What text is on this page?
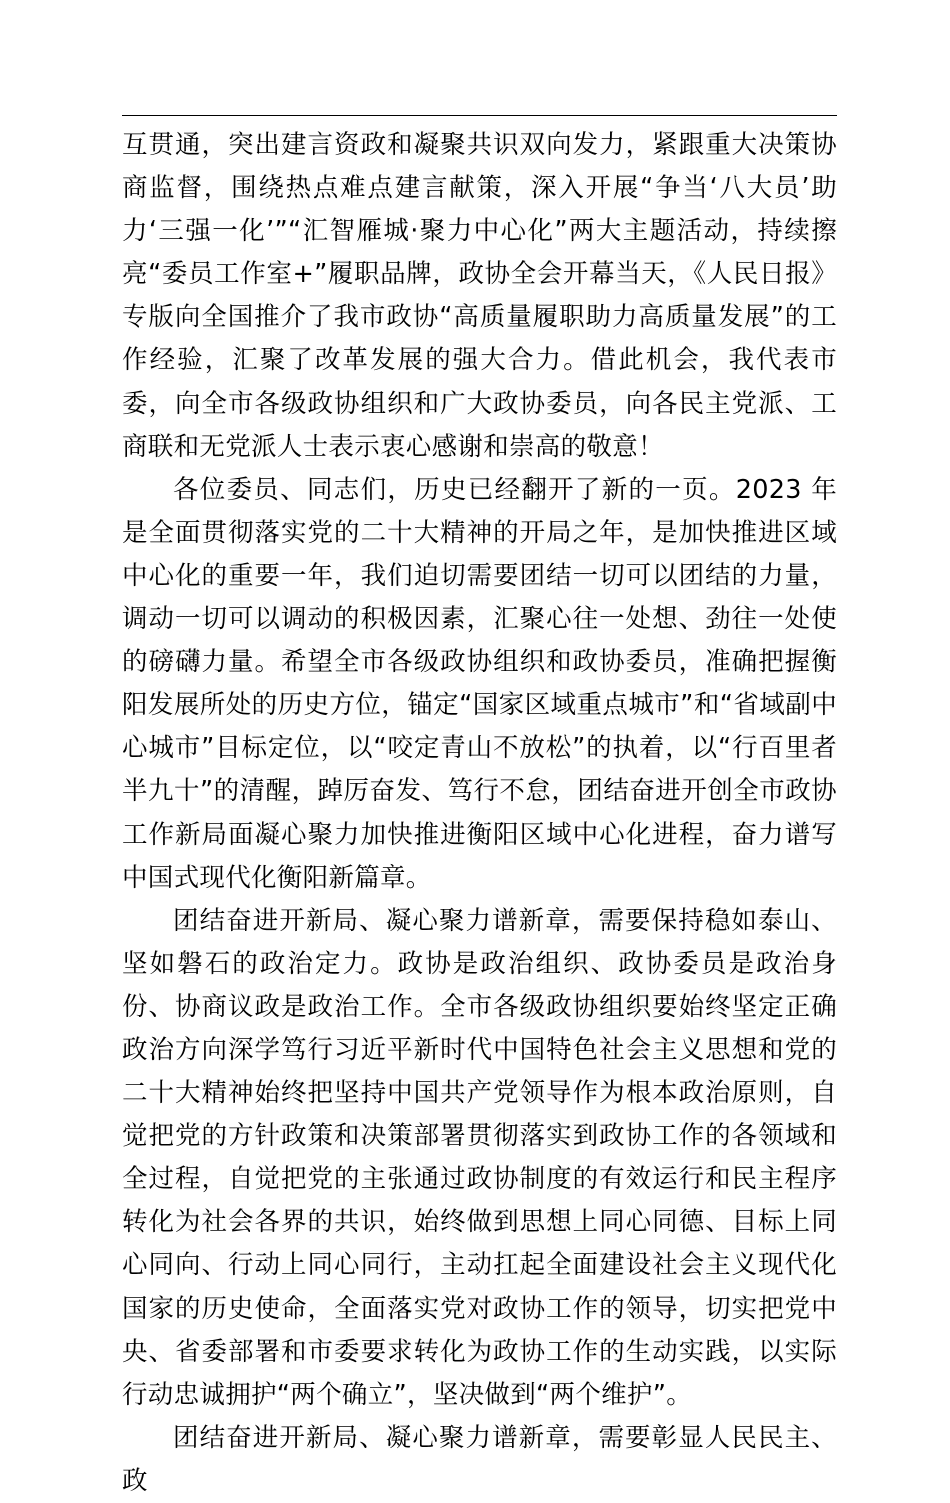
互贯通，突出建言资政和凝聚共识双向发力，紧跟重大决策协商监督，围绕热点难点建言献策，深入开展“争当‘八大员’助力‘三强一化’”“汇智雁城·聚力中心化”两大主题活动，持续擦亮“委员工作室+”履职品牌，政协全会开幕当天，《人民日报》专版向全国推介了我市政协“高质量履职助力高质量发展”的工作经验，汇聚了改革发展的强大合力。借此机会，我代表市委，向全市各级政协组织和广大政协委员，向各民主党派、工商联和无党派人士表示衷心感谢和崇高的敬意！

各位委员、同志们，历史已经翻开了新的一页。2023 年是全面贯彻落实党的二十大精神的开局之年，是加快推进区域中心化的重要一年，我们迫切需要团结一切可以团结的力量，调动一切可以调动的积极因素，汇聚心往一处想、劲往一处使的磅礴力量。希望全市各级政协组织和政协委员，准确把握衡阳发展所处的历史方位，锚定“国家区域重点城市”和“省域副中心城市”目标定位，以“咬定青山不放松”的执着，以“行百里者半九十”的清醒，踔厉奋发、笃行不怠，团结奋进开创全市政协工作新局面凝心聚力加快推进衡阳区域中心化进程，奋力谱写中国式现代化衡阳新篇章。

团结奋进开新局、凝心聚力谱新章，需要保持稳如泰山、坚如磐石的政治定力。政协是政治组织、政协委员是政治身份、协商议政是政治工作。全市各级政协组织要始终坚定正确政治方向深学笃行习近平新时代中国特色社会主义思想和党的二十大精神始终把坚持中国共产党领导作为根本政治原则，自觉把党的方针政策和决策部署贯彻落实到政协工作的各领域和全过程，自觉把党的主张通过政协制度的有效运行和民主程序转化为社会各界的共识，始终做到思想上同心同德、目标上同心同向、行动上同心同行，主动扛起全面建设社会主义现代化国家的历史使命，全面落实党对政协工作的领导，切实把党中央、省委部署和市委要求转化为政协工作的生动实践，以实际行动忠诚拥护“两个确立”，坚决做到“两个维护”。

团结奋进开新局、凝心聚力谱新章，需要彰显人民民主、政
